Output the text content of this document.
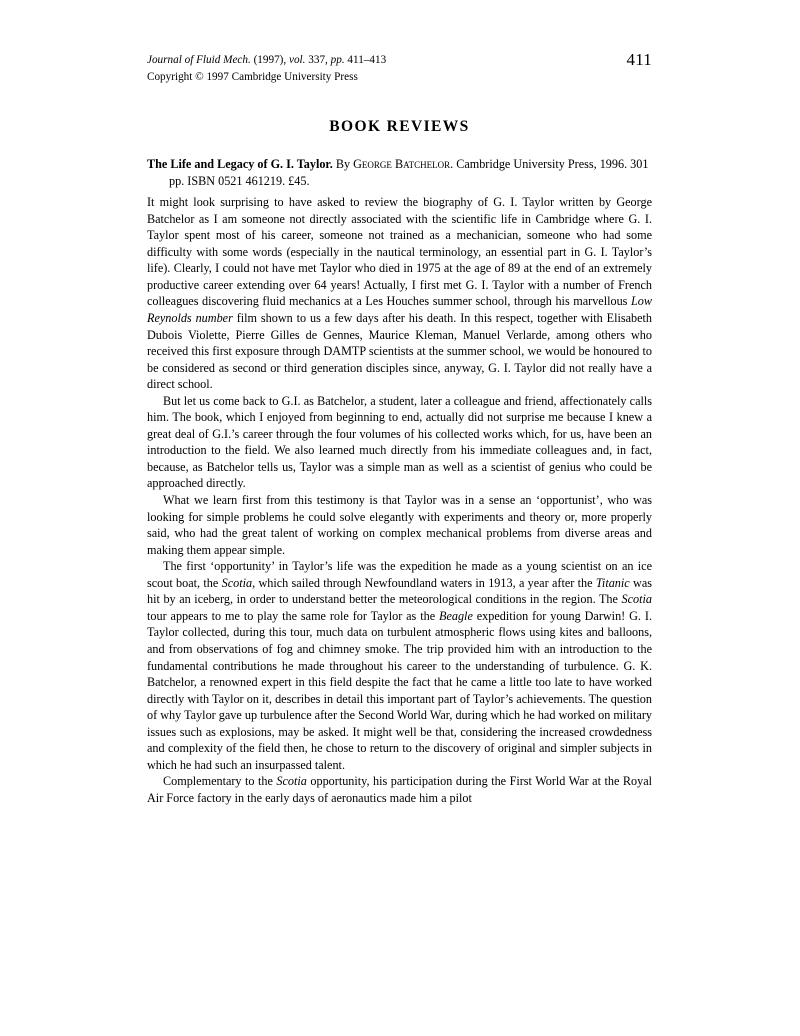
Journal of Fluid Mech. (1997), vol. 337, pp. 411–413
Copyright © 1997 Cambridge University Press
411
BOOK REVIEWS
The Life and Legacy of G. I. Taylor. By George Batchelor. Cambridge University Press, 1996. 301 pp. ISBN 0521 461219. £45.

It might look surprising to have asked to review the biography of G. I. Taylor written by George Batchelor as I am someone not directly associated with the scientific life in Cambridge where G. I. Taylor spent most of his career, someone not trained as a mechanician, someone who had some difficulty with some words (especially in the nautical terminology, an essential part in G. I. Taylor’s life). Clearly, I could not have met Taylor who died in 1975 at the age of 89 at the end of an extremely productive career extending over 64 years! Actually, I first met G. I. Taylor with a number of French colleagues discovering fluid mechanics at a Les Houches summer school, through his marvellous Low Reynolds number film shown to us a few days after his death. In this respect, together with Elisabeth Dubois Violette, Pierre Gilles de Gennes, Maurice Kleman, Manuel Verlarde, among others who received this first exposure through DAMTP scientists at the summer school, we would be honoured to be considered as second or third generation disciples since, anyway, G. I. Taylor did not really have a direct school.

But let us come back to G.I. as Batchelor, a student, later a colleague and friend, affectionately calls him. The book, which I enjoyed from beginning to end, actually did not surprise me because I knew a great deal of G.I.’s career through the four volumes of his collected works which, for us, have been an introduction to the field. We also learned much directly from his immediate colleagues and, in fact, because, as Batchelor tells us, Taylor was a simple man as well as a scientist of genius who could be approached directly.

What we learn first from this testimony is that Taylor was in a sense an ‘opportunist’, who was looking for simple problems he could solve elegantly with experiments and theory or, more properly said, who had the great talent of working on complex mechanical problems from diverse areas and making them appear simple.

The first ‘opportunity’ in Taylor’s life was the expedition he made as a young scientist on an ice scout boat, the Scotia, which sailed through Newfoundland waters in 1913, a year after the Titanic was hit by an iceberg, in order to understand better the meteorological conditions in the region. The Scotia tour appears to me to play the same role for Taylor as the Beagle expedition for young Darwin! G. I. Taylor collected, during this tour, much data on turbulent atmospheric flows using kites and balloons, and from observations of fog and chimney smoke. The trip provided him with an introduction to the fundamental contributions he made throughout his career to the understanding of turbulence. G. K. Batchelor, a renowned expert in this field despite the fact that he came a little too late to have worked directly with Taylor on it, describes in detail this important part of Taylor’s achievements. The question of why Taylor gave up turbulence after the Second World War, during which he had worked on military issues such as explosions, may be asked. It might well be that, considering the increased crowdedness and complexity of the field then, he chose to return to the discovery of original and simpler subjects in which he had such an insurpassed talent.

Complementary to the Scotia opportunity, his participation during the First World War at the Royal Air Force factory in the early days of aeronautics made him a pilot
